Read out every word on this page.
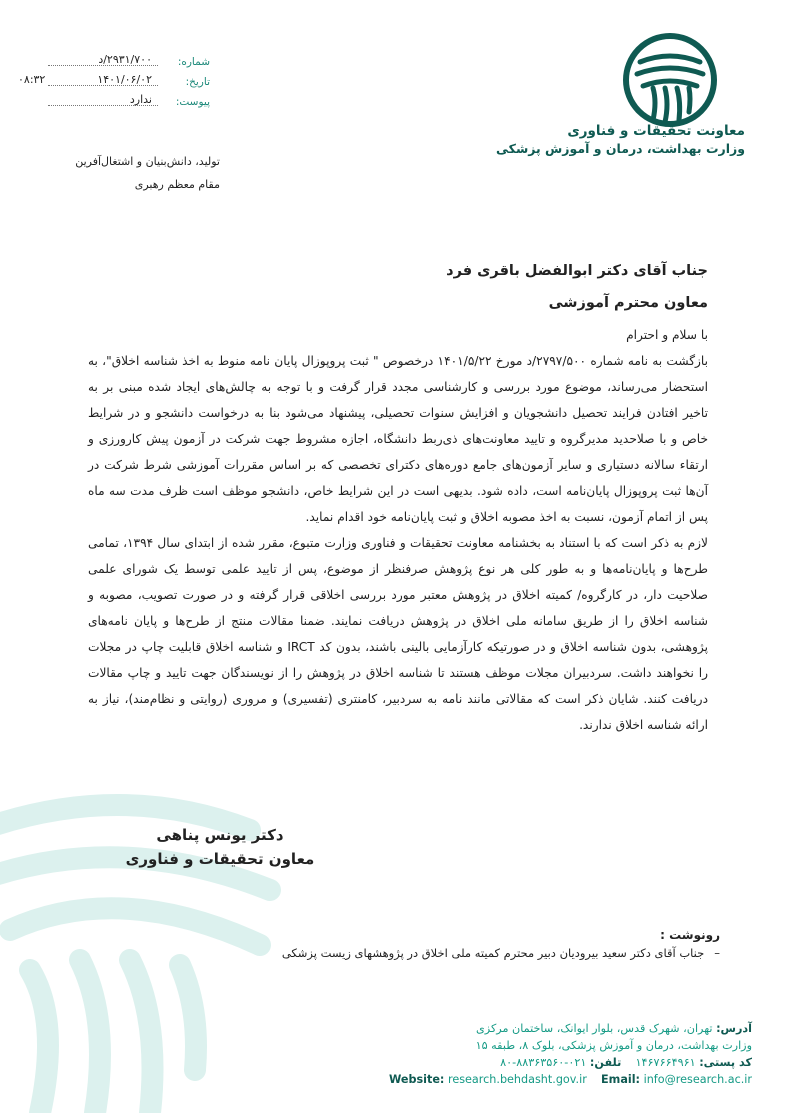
معاونت تحقیقات و فناوری
وزارت بهداشت، درمان و آموزش پزشکی
شماره:
۲۹۳۱/۷۰۰/د
تاریخ:
۱۴۰۱/۰۶/۰۲
۰۸:۳۲
پیوست:
ندارد
تولید، دانش‌بنیان و اشتغال‌آفرین
مقام معظم رهبری
جناب آقای دکتر ابوالفضل باقری فرد
معاون محترم آموزشی

با سلام و احترام

بازگشت به نامه شماره ۲۷۹۷/۵۰۰/د مورخ ۱۴۰۱/۵/۲۲ درخصوص " ثبت پروپوزال پایان نامه منوط به اخذ شناسه اخلاق"، به استحضار می‌رساند، موضوع مورد بررسی و کارشناسی مجدد قرار گرفت و با توجه به چالش‌های ایجاد شده مبنی بر به تاخیر افتادن فرایند تحصیل دانشجویان و افزایش سنوات تحصیلی، پیشنهاد می‌شود بنا به درخواست دانشجو و در شرایط خاص و با صلاحدید مدیرگروه و تایید معاونت‌های ذی‌ربط دانشگاه، اجازه مشروط جهت شرکت در آزمون پیش کارورزی و ارتقاء سالانه دستیاری و سایر آزمون‌های جامع دوره‌های دکترای تخصصی که بر اساس مقررات آموزشی شرط شرکت در آن‌ها ثبت پروپوزال پایان‌نامه است، داده شود. بدیهی است در این شرایط خاص، دانشجو موظف است ظرف مدت سه ماه پس از اتمام آزمون، نسبت به اخذ مصوبه اخلاق و ثبت پایان‌نامه خود اقدام نماید.

لازم به ذکر است که با استناد به بخشنامه معاونت تحقیقات و فناوری وزارت متبوع، مقرر شده از ابتدای سال ۱۳۹۴، تمامی طرح‌ها و پایان‌نامه‌ها و به طور کلی هر نوع پژوهش صرفنظر از موضوع، پس از تایید علمی توسط یک شورای علمی صلاحیت دار، در کارگروه/ کمیته اخلاق در پژوهش معتبر مورد بررسی اخلاقی قرار گرفته و در صورت تصویب، مصوبه و شناسه اخلاق را از طریق سامانه ملی اخلاق در پژوهش دریافت نمایند. ضمنا مقالات منتج از طرح‌ها و پایان نامه‌های پژوهشی، بدون شناسه اخلاق و در صورتیکه کارآزمایی بالینی باشند، بدون کد IRCT و شناسه اخلاق قابلیت چاپ در مجلات را نخواهند داشت. سردبیران مجلات موظف هستند تا شناسه اخلاق در پژوهش را از نویسندگان جهت تایید و چاپ مقالات دریافت کنند. شایان ذکر است که مقالاتی مانند نامه به سردبیر، کامنتری (تفسیری) و مروری (روایتی و نظام‌مند)، نیاز به ارائه شناسه اخلاق ندارند.

دکتر یونس پناهی
معاون تحقیقات و فناوری
رونوشت :
– جناب آقای دکتر سعید بیرودیان دبیر محترم کمیته ملی اخلاق در پژوهشهای زیست پزشکی
آدرس: تهران، شهرک قدس، بلوار ایوانک، ساختمان مرکزی
وزارت بهداشت، درمان و آموزش پزشکی، بلوک ۸، طبقه ۱۵
کد پستی: ۱۴۶۷۶۶۴۹۶۱    تلفن: ۰۲۱-۸۸۳۶۳۵۶۰-۸۰
Website: research.behdasht.gov.ir Email: info@research.ac.ir
